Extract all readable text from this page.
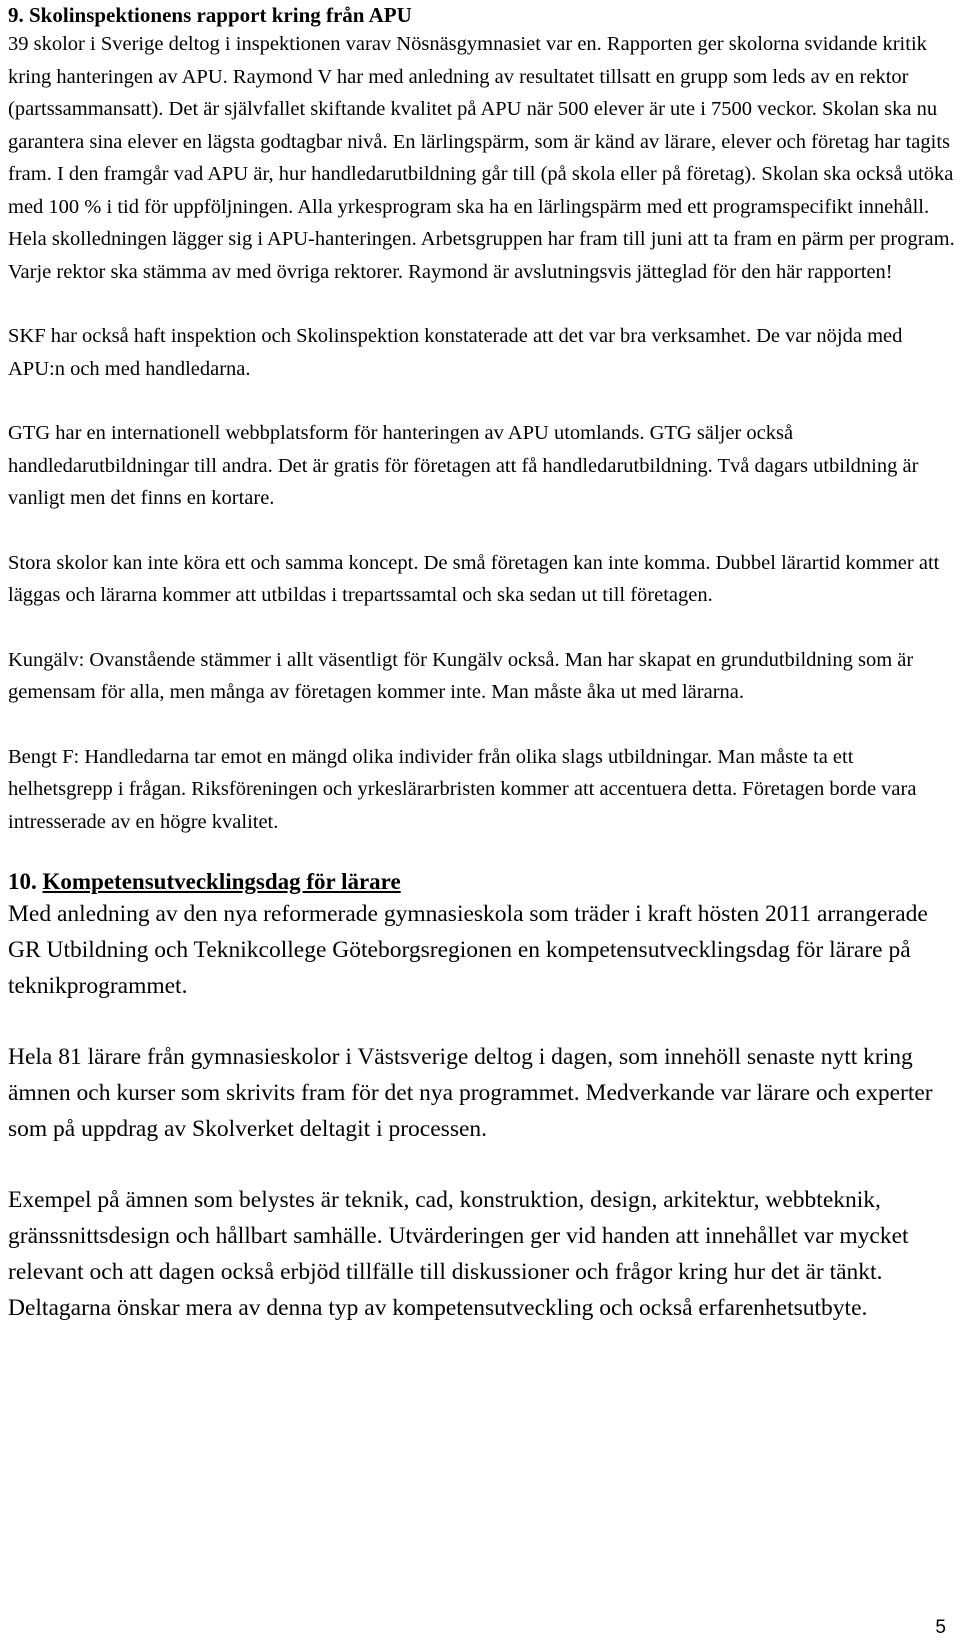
9. Skolinspektionens rapport kring från APU

39 skolor i Sverige deltog i inspektionen varav Nösnäsgymnasiet var en. Rapporten ger skolorna svidande kritik kring hanteringen av APU. Raymond V har med anledning av resultatet tillsatt en grupp som leds av en rektor (partssammansatt). Det är självfallet skiftande kvalitet på APU när 500 elever är ute i 7500 veckor. Skolan ska nu garantera sina elever en lägsta godtagbar nivå. En lärlingspärm, som är känd av lärare, elever och företag har tagits fram. I den framgår vad APU är, hur handledarutbildning går till (på skola eller på företag). Skolan ska också utöka med 100 % i tid för uppföljningen. Alla yrkesprogram ska ha en lärlingspärm med ett programspecifikt innehåll. Hela skolledningen lägger sig i APU-hanteringen. Arbetsgruppen har fram till juni att ta fram en pärm per program. Varje rektor ska stämma av med övriga rektorer. Raymond är avslutningsvis jätteglad för den här rapporten!

SKF har också haft inspektion och Skolinspektion konstaterade att det var bra verksamhet. De var nöjda med APU:n och med handledarna.

GTG har en internationell webbplatsform för hanteringen av APU utomlands. GTG säljer också handledarutbildningar till andra. Det är gratis för företagen att få handledarutbildning. Två dagars utbildning är vanligt men det finns en kortare.

Stora skolor kan inte köra ett och samma koncept. De små företagen kan inte komma. Dubbel lärartid kommer att läggas och lärarna kommer att utbildas i trepartssamtal och ska sedan ut till företagen.

Kungälv: Ovanstående stämmer i allt väsentligt för Kungälv också. Man har skapat en grundutbildning som är gemensam för alla, men många av företagen kommer inte. Man måste åka ut med lärarna.

Bengt F: Handledarna tar emot en mängd olika individer från olika slags utbildningar. Man måste ta ett helhetsgrepp i frågan. Riksföreningen och yrkeslärarbristen kommer att accentuera detta. Företagen borde vara intresserade av en högre kvalitet.

10. Kompetensutvecklingsdag för lärare

Med anledning av den nya reformerade gymnasieskola som träder i kraft hösten 2011 arrangerade GR Utbildning och Teknikcollege Göteborgsregionen en kompetensutvecklingsdag för lärare på teknikprogrammet.

Hela 81 lärare från gymnasieskolor i Västsverige deltog i dagen, som innehöll senaste nytt kring ämnen och kurser som skrivits fram för det nya programmet. Medverkande var lärare och experter som på uppdrag av Skolverket deltagit i processen.

Exempel på ämnen som belystes är teknik, cad, konstruktion, design, arkitektur, webbteknik, gränssnittsdesign och hållbart samhälle. Utvärderingen ger vid handen att innehållet var mycket relevant och att dagen också erbjöd tillfälle till diskussioner och frågor kring hur det är tänkt. Deltagarna önskar mera av denna typ av kompetensutveckling och också erfarenhetsutbyte.

5
